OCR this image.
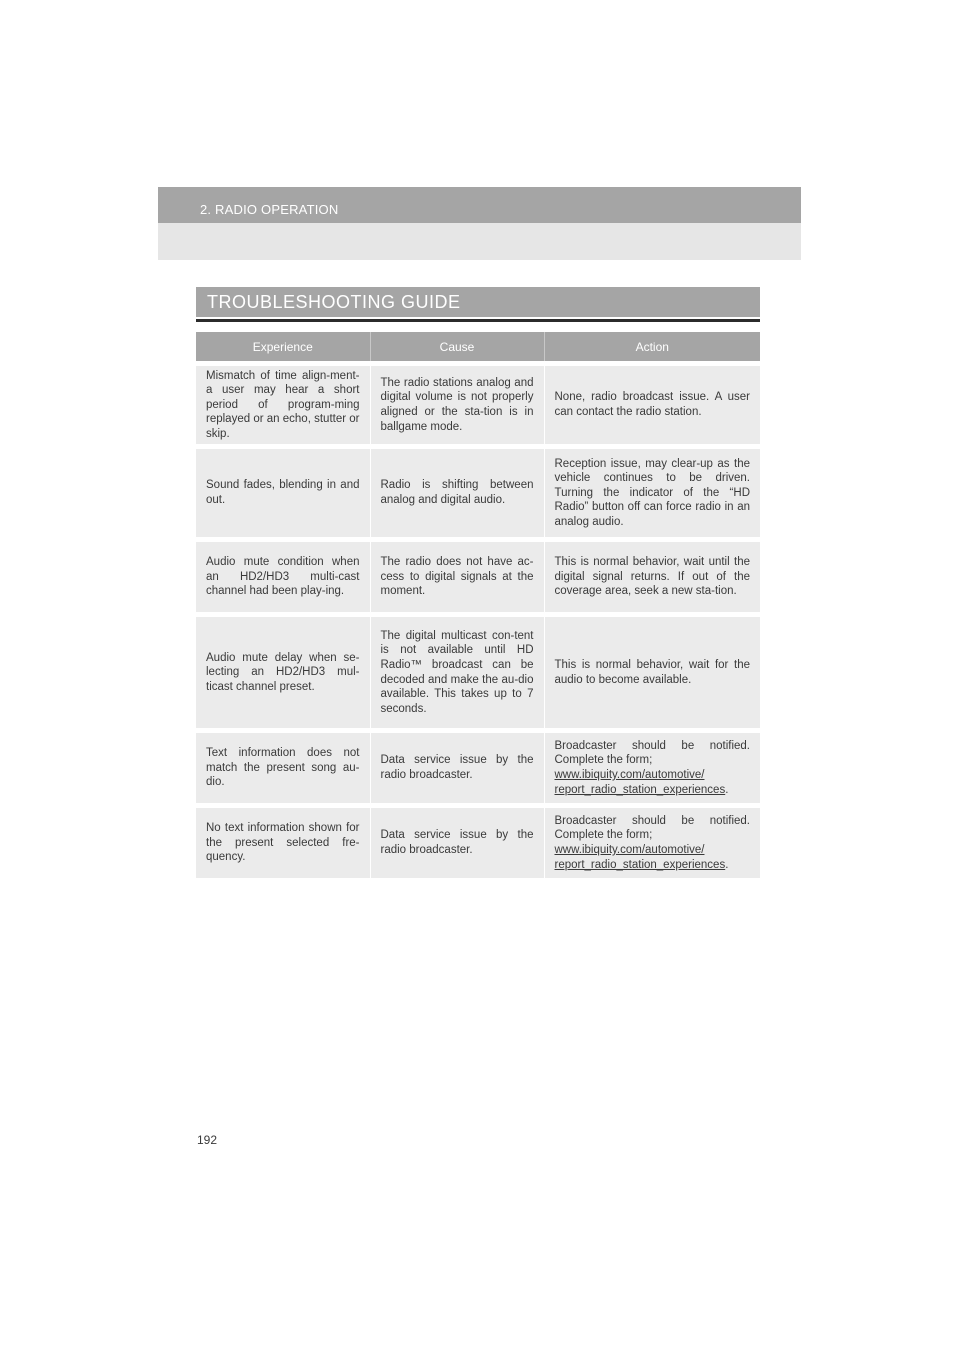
2. RADIO OPERATION
TROUBLESHOOTING GUIDE
Experience	Cause	Action
Mismatch of time align-ment- a user may hear a short period of program-ming replayed or an echo, stutter or skip.	The radio stations analog and digital volume is not properly aligned or the sta-tion is in ballgame mode.	None, radio broadcast issue. A user can contact the radio station.
Sound fades, blending in and out.	Radio is shifting between analog and digital audio.	Reception issue, may clear-up as the vehicle continues to be driven. Turning the indicator of the “HD Radio” button off can force radio in an analog audio.
Audio mute condition when an HD2/HD3 multi-cast channel had been play-ing.	The radio does not have ac-cess to digital signals at the moment.	This is normal behavior, wait until the digital signal returns. If out of the coverage area, seek a new sta-tion.
Audio mute delay when se-lecting an HD2/HD3 mul-ticast channel preset.	The digital multicast con-tent is not available until HD Radio™ broadcast can be decoded and make the au-dio available. This takes up to 7 seconds.	This is normal behavior, wait for the audio to become available.
Text information does not match the present song au-dio.	Data service issue by the radio broadcaster.	Broadcaster should be notified. Complete the form;
www.ibiquity.com/automotive/
report_radio_station_experiences.
No text information shown for the present selected fre-quency.	Data service issue by the radio broadcaster.	Broadcaster should be notified. Complete the form;
www.ibiquity.com/automotive/
report_radio_station_experiences.
192
